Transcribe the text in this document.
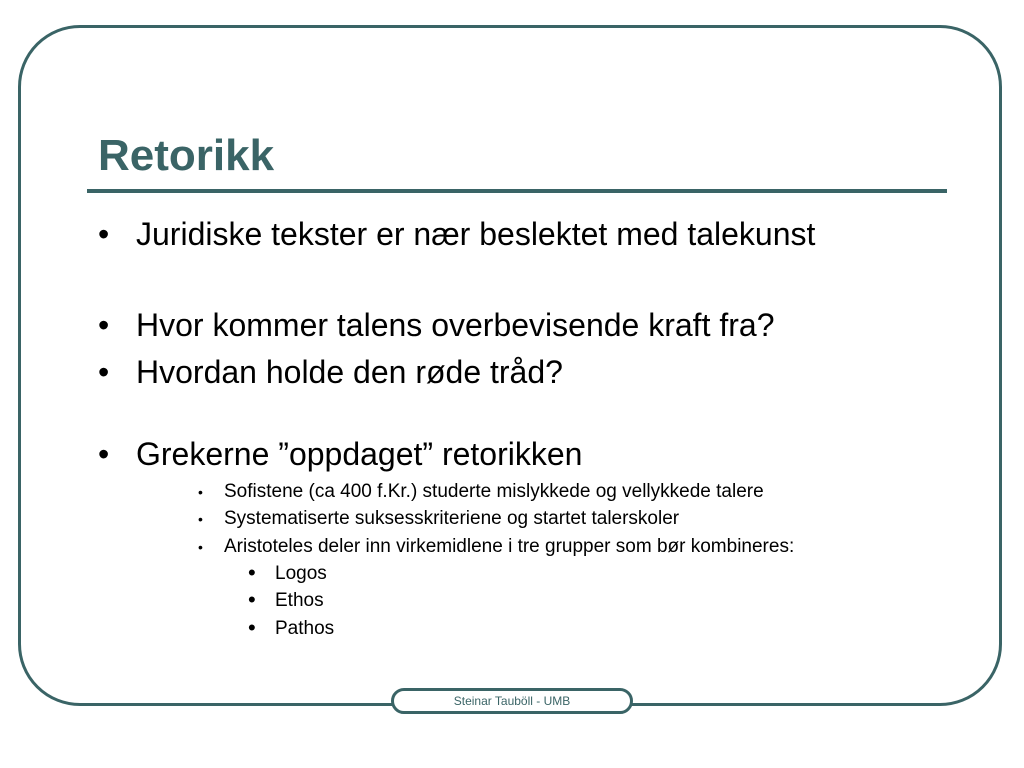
Retorikk
• Juridiske tekster er nær beslektet med talekunst
• Hvor kommer talens overbevisende kraft fra?
• Hvordan holde den røde tråd?
• Grekerne ”oppdaget” retorikken
• Sofistene (ca 400 f.Kr.) studerte mislykkede og vellykkede talere
• Systematiserte suksesskriteriene og startet talerskoler
• Aristoteles deler inn virkemidlene i tre grupper som bør kombineres:
• Logos
• Ethos
• Pathos
Steinar Tauböll - UMB
